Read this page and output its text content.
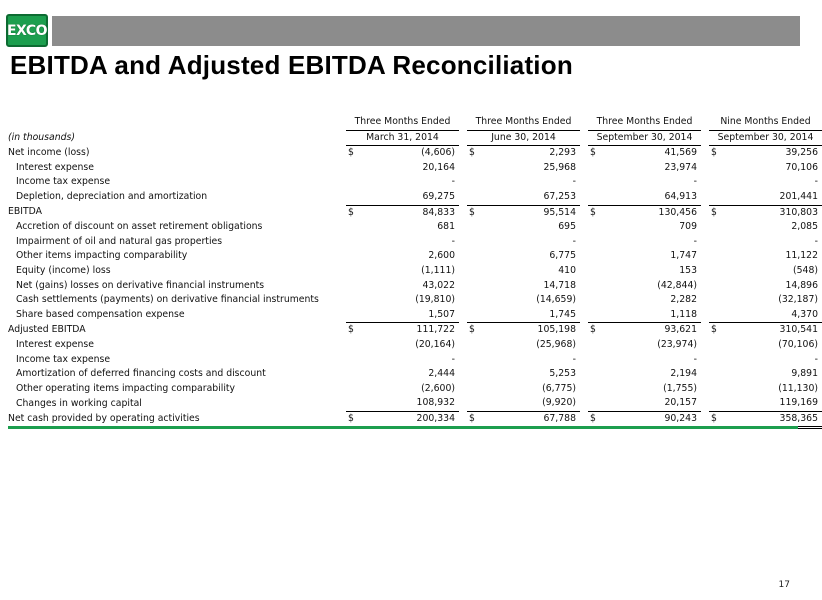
EXCO
EBITDA and Adjusted EBITDA Reconciliation
	Three Months Ended			Three Months Ended			Three Months Ended			Nine Months Ended	
(in thousands)	March 31, 2014			June 30, 2014			September 30, 2014			September 30, 2014	
Net income (loss)	$	(4,606)		$	2,293		$	41,569		$	39,256
Interest expense		20,164			25,968			23,974			70,106
Income tax expense		-			-			-			-
Depletion, depreciation and amortization		69,275			67,253			64,913			201,441
EBITDA	$	84,833		$	95,514		$	130,456		$	310,803
Accretion of discount on asset retirement obligations		681			695			709			2,085
Impairment of oil and natural gas properties		-			-			-			-
Other items impacting comparability		2,600			6,775			1,747			11,122
Equity (income) loss		(1,111)			410			153			(548)
Net (gains) losses on derivative financial instruments		43,022			14,718			(42,844)			14,896
Cash settlements (payments) on derivative financial instruments		(19,810)			(14,659)			2,282			(32,187)
Share based compensation expense		1,507			1,745			1,118			4,370
Adjusted EBITDA	$	111,722		$	105,198		$	93,621		$	310,541
Interest expense		(20,164)			(25,968)			(23,974)			(70,106)
Income tax expense		-			-			-			-
Amortization of deferred financing costs and discount		2,444			5,253			2,194			9,891
Other operating items impacting comparability		(2,600)			(6,775)			(1,755)			(11,130)
Changes in working capital		108,932			(9,920)			20,157			119,169
Net cash provided by operating activities	$	200,334		$	67,788		$	90,243		$	358,365
17
